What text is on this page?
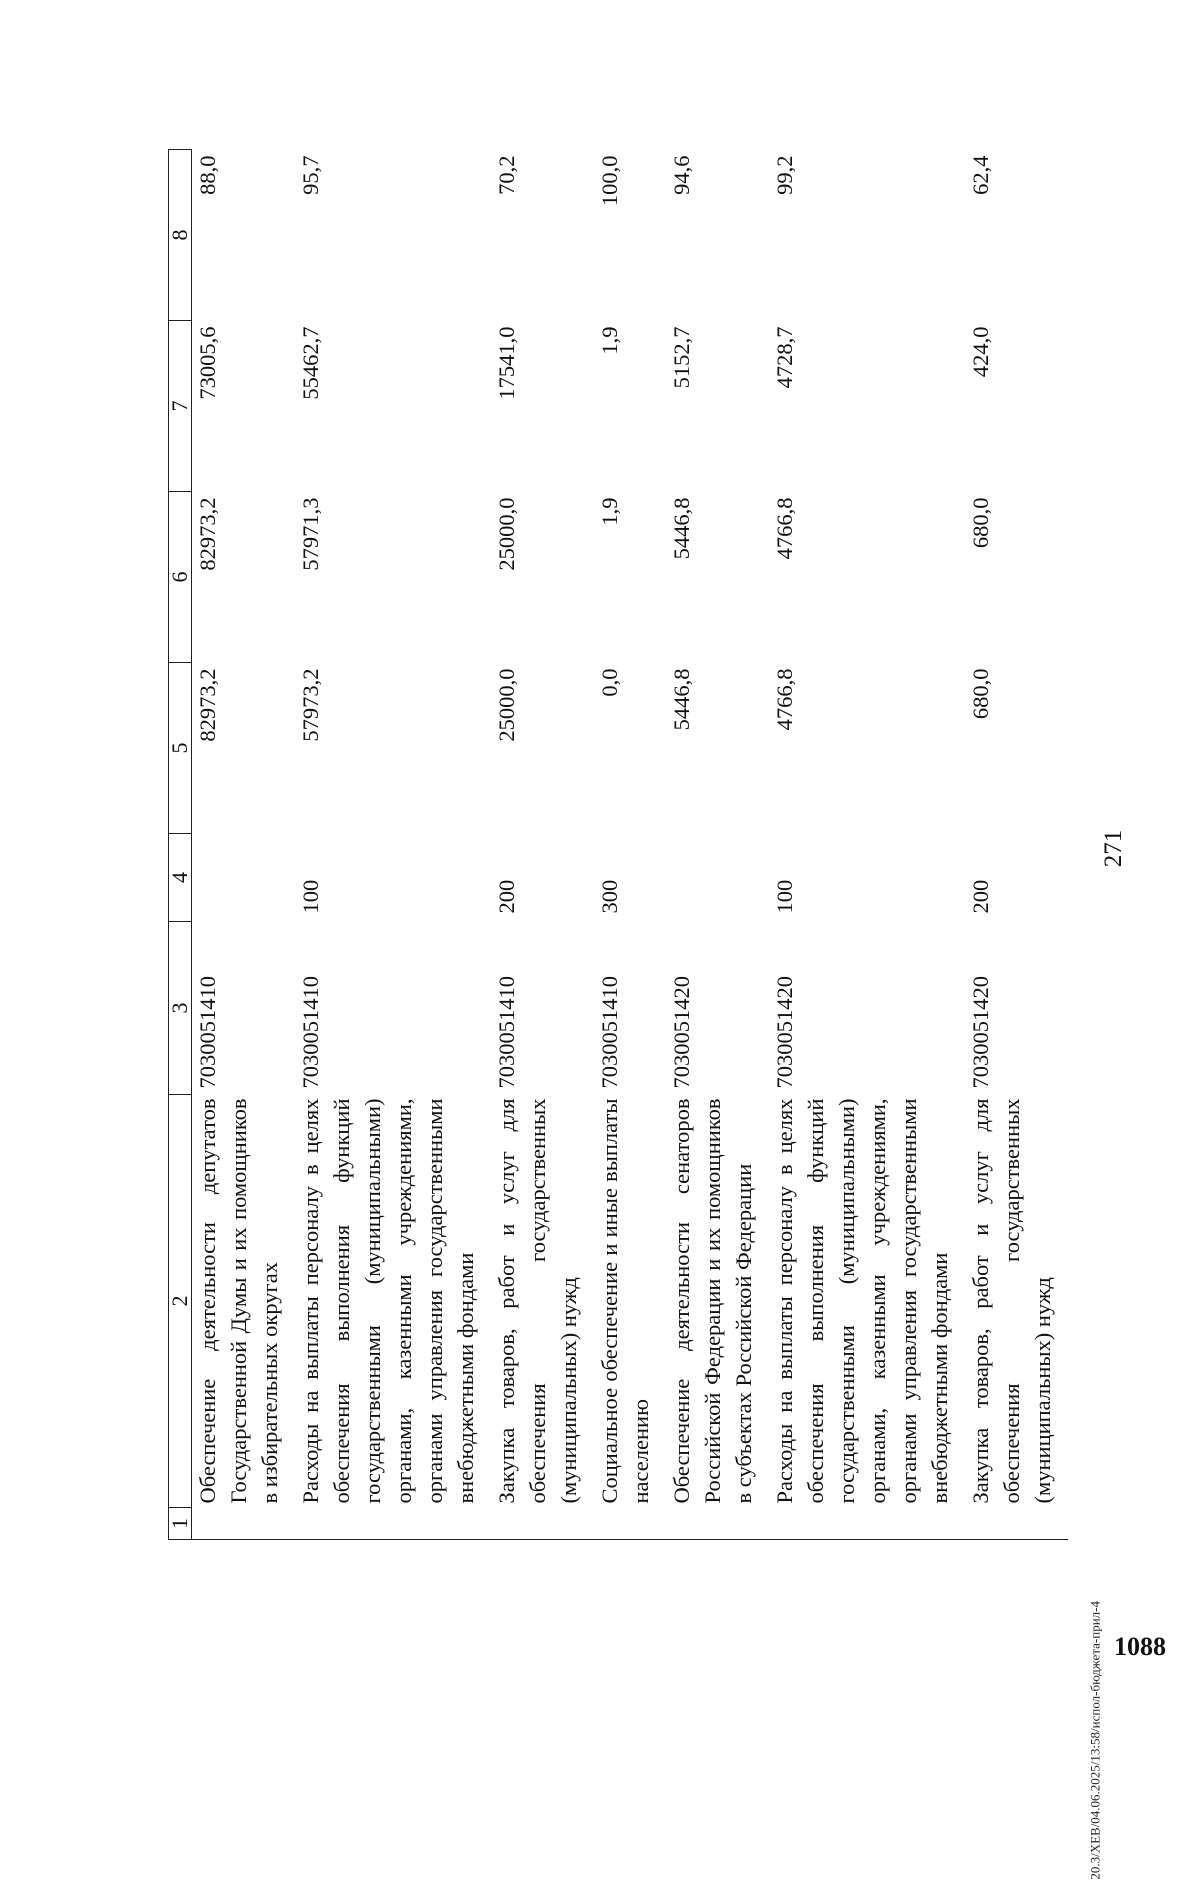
1	2	3	4	5	6	7	8
	Обеспечение деятельности депутатов Государственной Думы и их помощников в избирательных округах	7030051410		82973,2	82973,2	73005,6	88,0
	Расходы на выплаты персоналу в целях обеспечения выполнения функций государственными (муниципальными) органами, казенными учреждениями, органами управления государственными внебюджетными фондами	7030051410	100	57973,2	57971,3	55462,7	95,7
	Закупка товаров, работ и услуг для обеспечения государственных (муниципальных) нужд	7030051410	200	25000,0	25000,0	17541,0	70,2
	Социальное обеспечение и иные выплаты населению	7030051410	300	0,0	1,9	1,9	100,0
	Обеспечение деятельности сенаторов Российской Федерации и их помощников в субъектах Российской Федерации	7030051420		5446,8	5446,8	5152,7	94,6
	Расходы на выплаты персоналу в целях обеспечения выполнения функций государственными (муниципальными) органами, казенными учреждениями, органами управления государственными внебюджетными фондами	7030051420	100	4766,8	4766,8	4728,7	99,2
	Закупка товаров, работ и услуг для обеспечения государственных (муниципальных) нужд	7030051420	200	680,0	680,0	424,0	62,4
271
20.3/ХЕВ/04.06.2025/13:58/испол-бюджета-прил-4 1088
